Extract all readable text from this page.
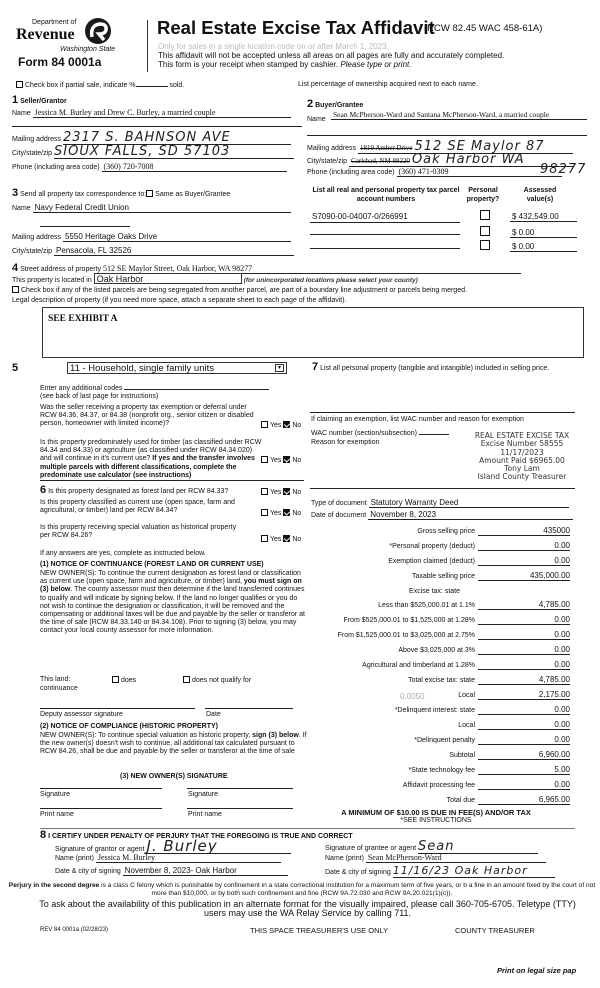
Department of
Revenue
Washington State
Form 84 0001a
Real Estate Excise Tax Affidavit
(RCW 82.45 WAC 458-61A)
Only for sales in a single location code on or after March 1, 2023.
This affidavit will not be accepted unless all areas on all pages are fully and accurately completed.
This form is your receipt when stamped by cashier. Please type or print.
Check box if partial sale, indicate %	sold.	List percentage of ownership acquired next to each name.
1 Seller/Grantor
Name Jessica M. Burley and Drew C. Burley, a married couple
Mailing address 2317 S. BAHNSON AVE
City/state/zip SIOUX FALLS, SD 57103
Phone (including area code) (360) 720-7008
2 Buyer/Grantee
Name
Sean McPherson-Ward and Santana McPherson-Ward, a married couple
Mailing address 1819 Amber Drive 512 SE Maylor 87
City/state/zip Carlsbad, NM 88220 Oak Harbor WA
Phone (including area code) (360) 471-0309	98277
3 Send all property tax correspondence to: Same as Buyer/Grantee
Name Navy Federal Credit Union
Mailing address 5550 Heritage Oaks Drive
City/state/zip Pensacola, FL 32526
List all real and personal property tax parcel account numbers
Personal property?
Assessed value(s)
S7090-00-04007-0/266991	$ 432,549.00
$ 0.00
$ 0.00
4 Street address of property 512 SE Maylor Street, Oak Harbor, WA 98277
This property is located in Oak Harbor	(for unincorporated locations please select your county)
Check box if any of the listed parcels are being segregated from another parcel, are part of a boundary line adjustment or parcels being merged.
Legal description of property (if you need more space, attach a separate sheet to each page of the affidavit).
SEE EXHIBIT A
5	11 - Household, single family units	▾
Enter any additional codes
(see back of last page for instructions)
Was the seller receiving a property tax exemption or deferral under RCW 84.36, 84.37, or 84.38 (nonprofit org., senior citizen or disabled person, homeowner with limited income)?	Yes No
Is this property predominately used for timber (as classified under RCW 84.34 and 84.33) or agriculture (as classified under RCW 84.34.020) and will continue in it's current use? If yes and the transfer involves multiple parcels with different classifications, complete the predominate use calculator (see instructions)
Yes No
6 Is this property designated as forest land per RCW 84.33?	Yes No
Is this property classified as current use (open space, farm and agricultural, or timber) land per RCW 84.34?	Yes No
Is this property receiving special valuation as historical property per RCW 84.26?
Yes No
If any answers are yes, complete as instructed below.
(1) NOTICE OF CONTINUANCE (FOREST LAND OR CURRENT USE)
NEW OWNER(S): To continue the current designation as forest land or classification as current use (open space, farm and agriculture, or timber) land, you must sign on (3) below. The county assessor must then determine if the land transferred continues to qualify and will indicate by signing below. If the land no longer qualifies or you do not wish to continue the designation or classification, it will be removed and the compensating or additional taxes will be due and payable by the seller or transferor at the time of sale (RCW 84.33.140 or 84.34.108). Prior to signing (3) below, you may contact your local county assessor for more information.
This land:
continuance
does	does not qualify for
Deputy assessor signature	Date
(2) NOTICE OF COMPLIANCE (HISTORIC PROPERTY)
NEW OWNER(S): To continue special valuation as historic property, sign (3) below. If the new owner(s) doesn't wish to continue, all additional tax calculated pursuant to RCW 84.26, shall be due and payable by the seller or transferor at the time of sale
(3) NEW OWNER(S) SIGNATURE
Signature	Signature
Print name	Print name
7 List all personal property (tangible and intangible) included in selling price.
If claiming an exemption, list WAC number and reason for exemption
WAC number (section/subsection)
Reason for exemption
REAL ESTATE EXCISE TAX
Excise Number 58555
11/17/2023
Amount Paid $6965.00
Tony Lam
Island County Treasurer
Type of document Statutory Warranty Deed
Date of document November 8, 2023
Gross selling price	435000
*Personal property (deduct)	0.00
Exemption claimed (deduct)	0.00
Taxable selling price	435,000.00
Excise tax: state
Less than $525,000.01 at 1.1%	4,785.00
From $525,000.01 to $1,525,000 at 1.28%	0.00
From $1,525,000.01 to $3,025,000 at 2.75%	0.00
Above $3,025,000 at 3%	0.00
Agricultural and timberland at 1.28%	0.00
Total excise tax: state	4,785.00
0.0050	Local	2,175.00
*Delinquent interest: state	0.00
Local	0.00
*Delinquent penalty	0.00
Subtotal	6,960.00
*State technology fee	5.00
Affidavit processing fee	0.00
Total due	6,965.00
A MINIMUM OF $10.00 IS DUE IN FEE(S) AND/OR TAX
*SEE INSTRUCTIONS
8 I CERTIFY UNDER PENALTY OF PERJURY THAT THE FOREGOING IS TRUE AND CORRECT
Signature of grantor or agent J. Burley
Name (print) Jessica M. Burley
Date & city of signing November 8, 2023- Oak Harbor
Signature of grantee or agent Sean
Name (print) Sean McPherson-Ward
Date & city of signing 11/16/23 Oak Harbor
Perjury in the second degree is a class C felony which is punishable by confinement in a state correctional institution for a maximum term of five years, or b a fine in an amount fixed by the court of not more than $10,000, or by both such confinement and fine (RCW 9A.72.030 and RCW 9A.20.021(1)(c)).
To ask about the availability of this publication in an alternate format for the visually impaired, please call 360-705-6705. Teletype (TTY) users may use the WA Relay Service by calling 711.
REV 84 0001a (02/28/23)	THIS SPACE TREASURER'S USE ONLY	COUNTY TREASURER
Print on legal size pap
